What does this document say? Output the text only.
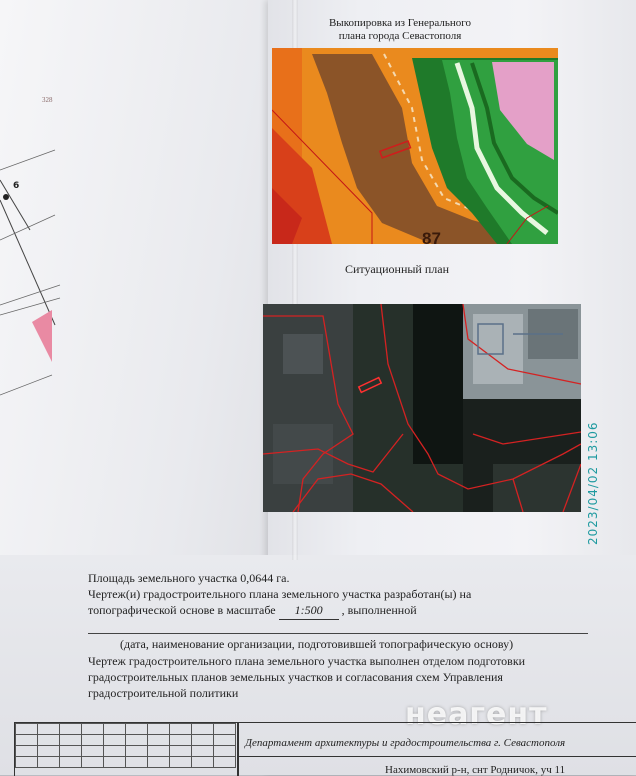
328
6
Выкопировка из Генерального
плана города Севастополя
87
Ситуационный план
2023/04/02 13:06
Площадь земельного участка 0,0644 га.
Чертеж(и) градостроительного плана земельного участка разработан(ы) на
топографической основе в масштабе 1:500 , выполненной
(дата, наименование организации, подготовившей топографическую основу)
Чертеж градостроительного плана земельного участка выполнен отделом подготовки
градостроительных планов земельных участков и согласования схем Управления
градостроительной политики
неагент

Департамент архитектуры и градостроительства г. Севастополя
Нахимовский р-н, снт Родничок, уч 11
